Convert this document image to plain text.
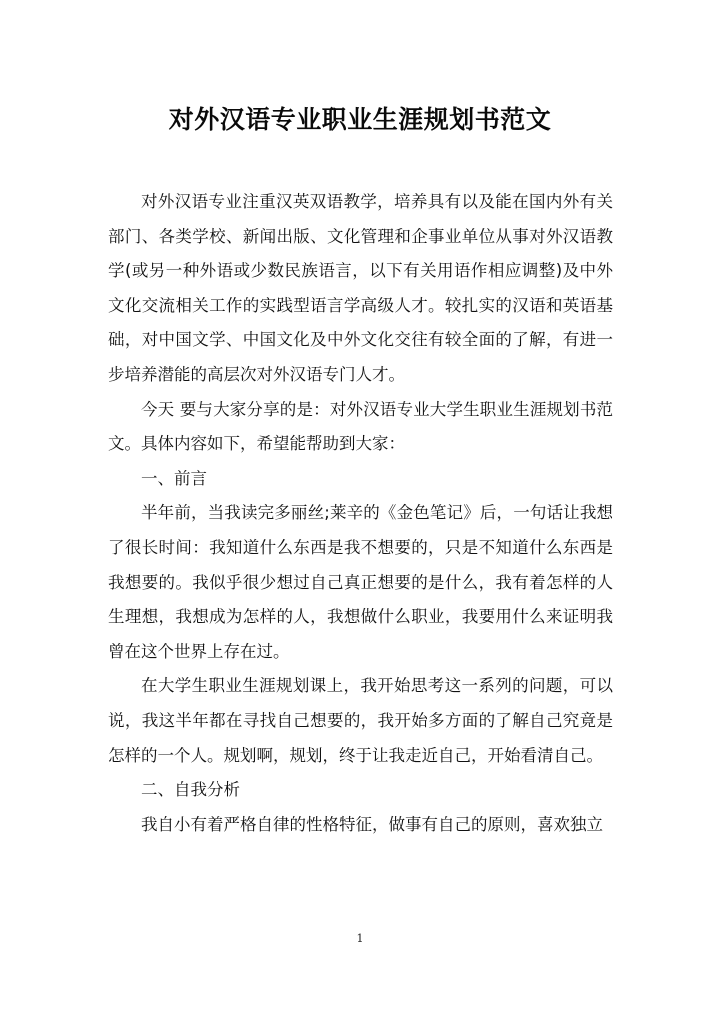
对外汉语专业职业生涯规划书范文

对外汉语专业注重汉英双语教学，培养具有以及能在国内外有关部门、各类学校、新闻出版、文化管理和企事业单位从事对外汉语教学(或另一种外语或少数民族语言，以下有关用语作相应调整)及中外文化交流相关工作的实践型语言学高级人才。较扎实的汉语和英语基础，对中国文学、中国文化及中外文化交往有较全面的了解，有进一步培养潜能的高层次对外汉语专门人才。

今天 要与大家分享的是：对外汉语专业大学生职业生涯规划书范文。具体内容如下，希望能帮助到大家：

一、前言

半年前，当我读完多丽丝;莱辛的《金色笔记》后，一句话让我想了很长时间：我知道什么东西是我不想要的，只是不知道什么东西是我想要的。我似乎很少想过自己真正想要的是什么，我有着怎样的人生理想，我想成为怎样的人，我想做什么职业，我要用什么来证明我曾在这个世界上存在过。

在大学生职业生涯规划课上，我开始思考这一系列的问题，可以说，我这半年都在寻找自己想要的，我开始多方面的了解自己究竟是怎样的一个人。规划啊，规划，终于让我走近自己，开始看清自己。

二、自我分析

我自小有着严格自律的性格特征，做事有自己的原则，喜欢独立

1
